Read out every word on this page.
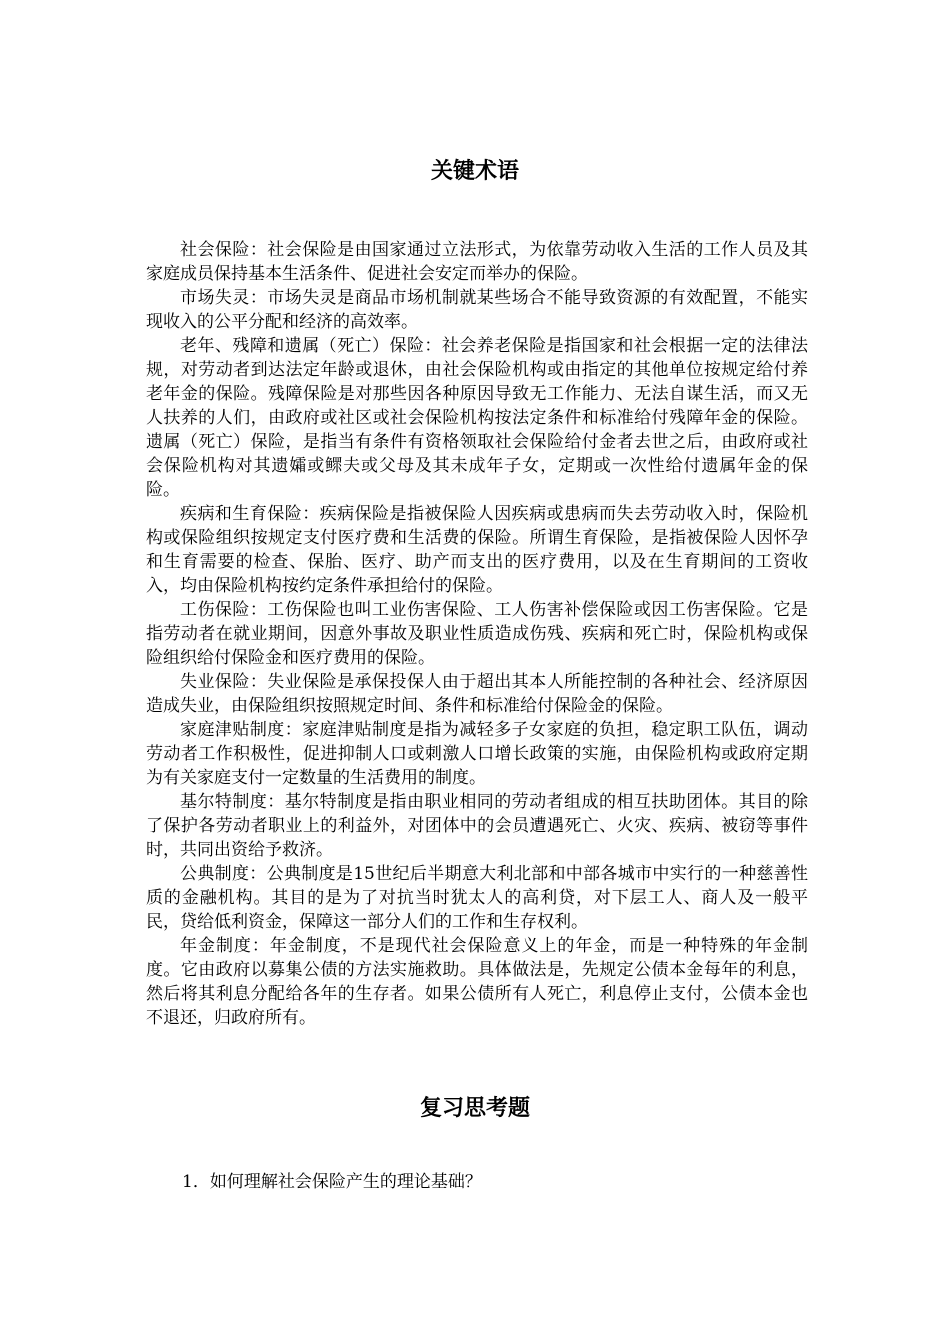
关键术语

社会保险：社会保险是由国家通过立法形式，为依靠劳动收入生活的工作人员及其家庭成员保持基本生活条件、促进社会安定而举办的保险。

市场失灵：市场失灵是商品市场机制就某些场合不能导致资源的有效配置，不能实现收入的公平分配和经济的高效率。

老年、残障和遗属（死亡）保险：社会养老保险是指国家和社会根据一定的法律法规，对劳动者到达法定年龄或退休，由社会保险机构或由指定的其他单位按规定给付养老年金的保险。残障保险是对那些因各种原因导致无工作能力、无法自谋生活，而又无人扶养的人们，由政府或社区或社会保险机构按法定条件和标准给付残障年金的保险。遗属（死亡）保险，是指当有条件有资格领取社会保险给付金者去世之后，由政府或社会保险机构对其遗孀或鳏夫或父母及其未成年子女，定期或一次性给付遗属年金的保险。

疾病和生育保险：疾病保险是指被保险人因疾病或患病而失去劳动收入时，保险机构或保险组织按规定支付医疗费和生活费的保险。所谓生育保险，是指被保险人因怀孕和生育需要的检查、保胎、医疗、助产而支出的医疗费用，以及在生育期间的工资收入，均由保险机构按约定条件承担给付的保险。

工伤保险：工伤保险也叫工业伤害保险、工人伤害补偿保险或因工伤害保险。它是指劳动者在就业期间，因意外事故及职业性质造成伤残、疾病和死亡时，保险机构或保险组织给付保险金和医疗费用的保险。

失业保险：失业保险是承保投保人由于超出其本人所能控制的各种社会、经济原因造成失业，由保险组织按照规定时间、条件和标准给付保险金的保险。

家庭津贴制度：家庭津贴制度是指为减轻多子女家庭的负担，稳定职工队伍，调动劳动者工作积极性，促进抑制人口或刺激人口增长政策的实施，由保险机构或政府定期为有关家庭支付一定数量的生活费用的制度。

基尔特制度：基尔特制度是指由职业相同的劳动者组成的相互扶助团体。其目的除了保护各劳动者职业上的利益外，对团体中的会员遭遇死亡、火灾、疾病、被窃等事件时，共同出资给予救济。

公典制度：公典制度是15世纪后半期意大利北部和中部各城市中实行的一种慈善性质的金融机构。其目的是为了对抗当时犹太人的高利贷，对下层工人、商人及一般平民，贷给低利资金，保障这一部分人们的工作和生存权利。

年金制度：年金制度，不是现代社会保险意义上的年金，而是一种特殊的年金制度。它由政府以募集公债的方法实施救助。具体做法是，先规定公债本金每年的利息，然后将其利息分配给各年的生存者。如果公债所有人死亡，利息停止支付，公债本金也不退还，归政府所有。

复习思考题

1．如何理解社会保险产生的理论基础？
